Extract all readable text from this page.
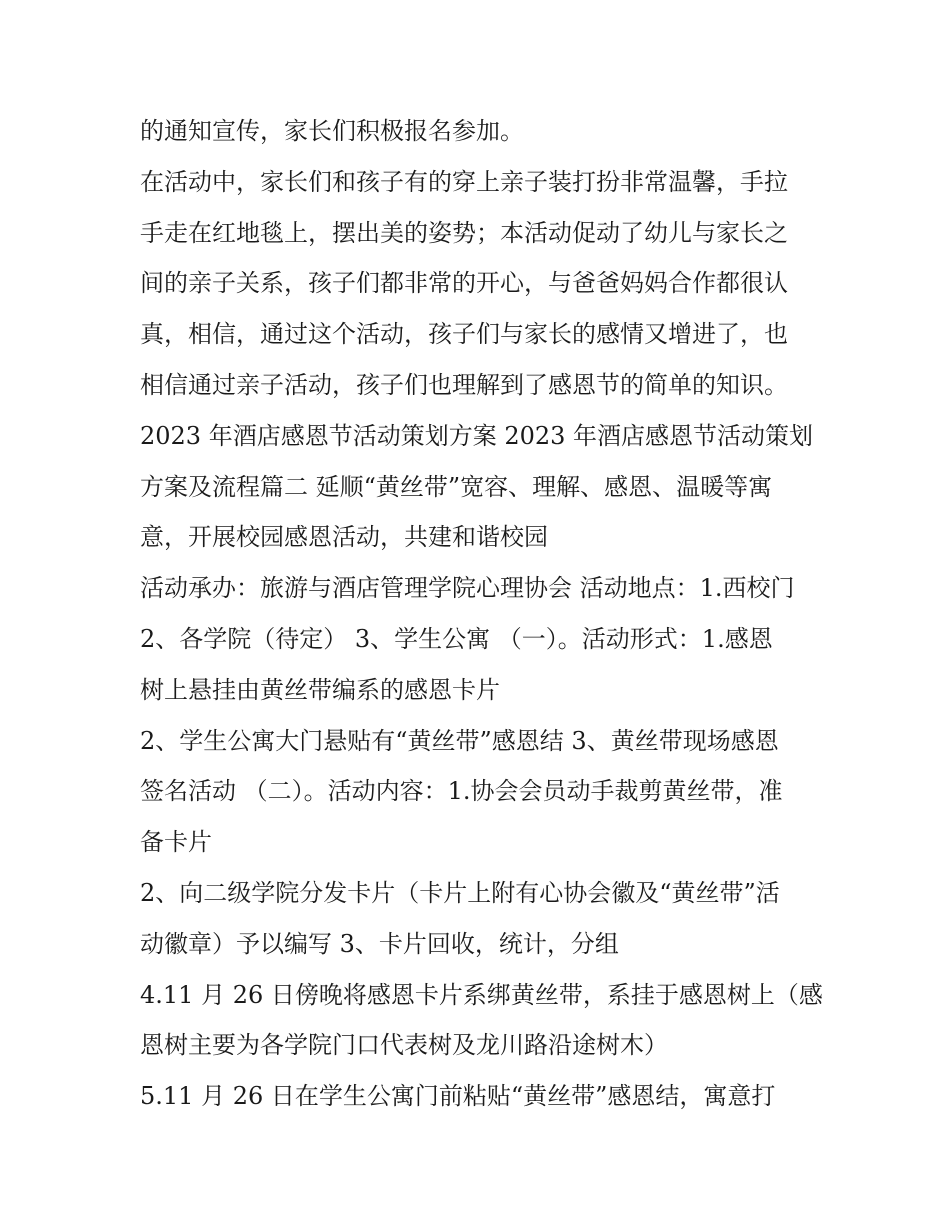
的通知宣传，家长们积极报名参加。
在活动中，家长们和孩子有的穿上亲子装打扮非常温馨，手拉
手走在红地毯上，摆出美的姿势；本活动促动了幼儿与家长之
间的亲子关系，孩子们都非常的开心，与爸爸妈妈合作都很认
真，相信，通过这个活动，孩子们与家长的感情又增进了，也
相信通过亲子活动，孩子们也理解到了感恩节的简单的知识。
2023 年酒店感恩节活动策划方案 2023 年酒店感恩节活动策划
方案及流程篇二 延顺“黄丝带”宽容、理解、感恩、温暖等寓
意，开展校园感恩活动，共建和谐校园
活动承办：旅游与酒店管理学院心理协会 活动地点：1.西校门
2、各学院（待定） 3、学生公寓 （一）。活动形式：1.感恩
树上悬挂由黄丝带编系的感恩卡片
2、学生公寓大门悬贴有“黄丝带”感恩结 3、黄丝带现场感恩
签名活动 （二）。活动内容：1.协会会员动手裁剪黄丝带，准
备卡片
2、向二级学院分发卡片（卡片上附有心协会徽及“黄丝带”活
动徽章）予以编写 3、卡片回收，统计，分组
4.11 月 26 日傍晚将感恩卡片系绑黄丝带，系挂于感恩树上（感
恩树主要为各学院门口代表树及龙川路沿途树木）
5.11 月 26 日在学生公寓门前粘贴“黄丝带”感恩结，寓意打
